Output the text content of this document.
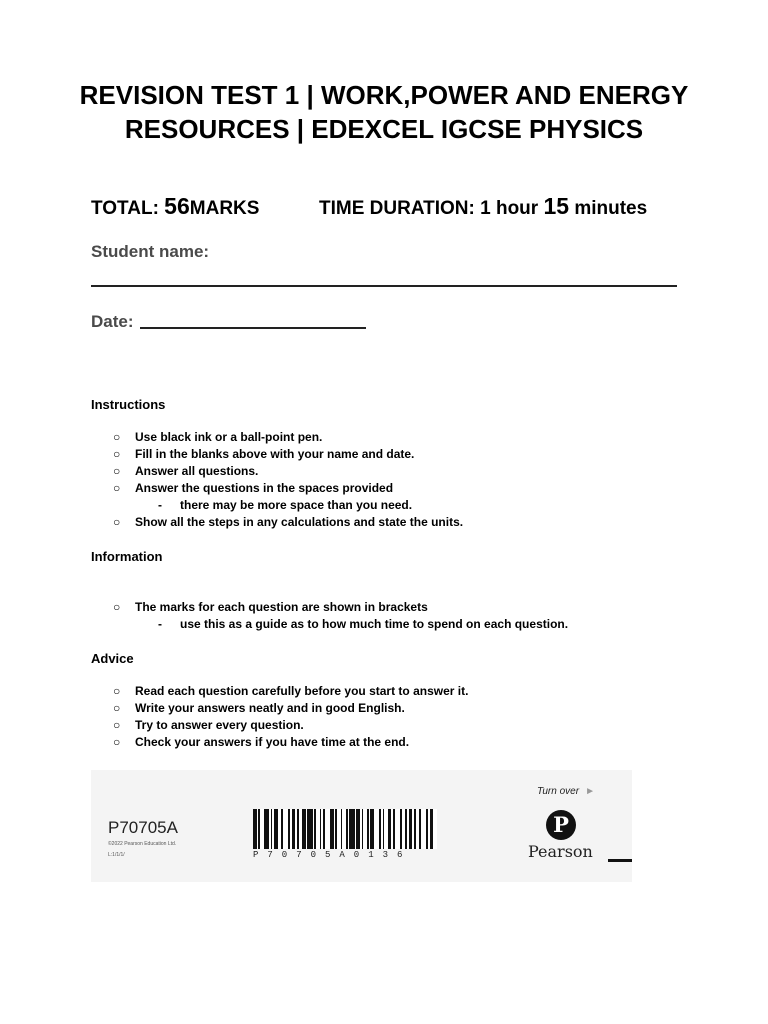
REVISION TEST 1 | WORK,POWER AND ENERGY
RESOURCES | EDEXCEL IGCSE PHYSICS
TOTAL: 56MARKS	TIME DURATION: 1 hour 15 minutes
Student name:
Date:
Instructions
○ Use black ink or a ball-point pen.
○ Fill in the blanks above with your name and date.
○ Answer all questions.
○ Answer the questions in the spaces provided
- there may be more space than you need.
○ Show all the steps in any calculations and state the units.
Information
○ The marks for each question are shown in brackets
- use this as a guide as to how much time to spend on each question.
Advice
○ Read each question carefully before you start to answer it.
○ Write your answers neatly and in good English.
○ Try to answer every question.
○ Check your answers if you have time at the end.
P70705A
©2022 Pearson Education Ltd.
L:1/1/1/	P70705A0136
Turn over ►
P
Pearson
